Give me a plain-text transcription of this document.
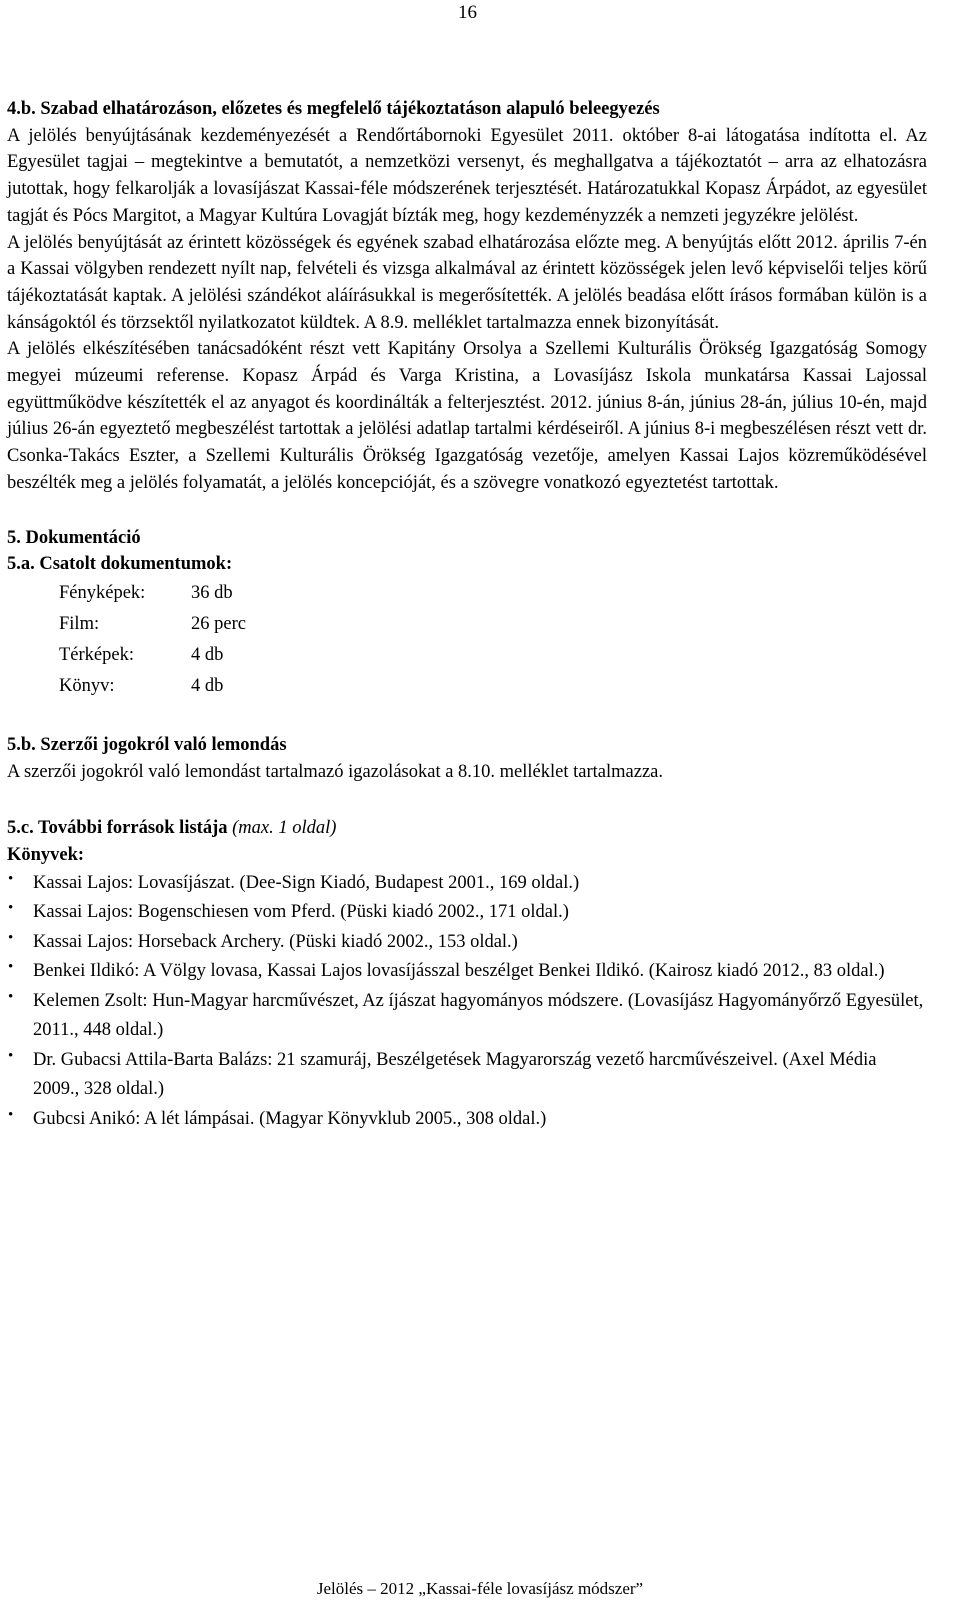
16
4.b. Szabad elhatározáson, előzetes és megfelelő tájékoztatáson alapuló beleegyezés

A jelölés benyújtásának kezdeményezését a Rendőrtábornoki Egyesület 2011. október 8-ai látogatása indította el. Az Egyesület tagjai – megtekintve a bemutatót, a nemzetközi versenyt, és meghallgatva a tájékoztatót – arra az elhatozásra jutottak, hogy felkarolják a lovasíjászat Kassai-féle módszerének terjesztését. Határozatukkal Kopasz Árpádot, az egyesület tagját és Pócs Margitot, a Magyar Kultúra Lovagját bízták meg, hogy kezdeményzzék a nemzeti jegyzékre jelölést.

A jelölés benyújtását az érintett közösségek és egyének szabad elhatározása előzte meg. A benyújtás előtt 2012. április 7-én a Kassai völgyben rendezett nyílt nap, felvételi és vizsga alkalmával az érintett közösségek jelen levő képviselői teljes körű tájékoztatását kaptak. A jelölési szándékot aláírásukkal is megerősítették. A jelölés beadása előtt írásos formában külön is a kánságoktól és törzsektől nyilatkozatot küldtek. A 8.9. melléklet tartalmazza ennek bizonyítását.

A jelölés elkészítésében tanácsadóként részt vett Kapitány Orsolya a Szellemi Kulturális Örökség Igazgatóság Somogy megyei múzeumi referense. Kopasz Árpád és Varga Kristina, a Lovasíjász Iskola munkatársa Kassai Lajossal együttműködve készítették el az anyagot és koordinálták a felterjesztést. 2012. június 8-án, június 28-án, július 10-én, majd július 26-án egyeztető megbeszélést tartottak a jelölési adatlap tartalmi kérdéseiről. A június 8-i megbeszélésen részt vett dr. Csonka-Takács Eszter, a Szellemi Kulturális Örökség Igazgatóság vezetője, amelyen Kassai Lajos közreműködésével beszélték meg a jelölés folyamatát, a jelölés koncepcióját, és a szövegre vonatkozó egyeztetést tartottak.

5. Dokumentáció
5.a. Csatolt dokumentumok:
Fényképek:	36 db
Film:	26 perc
Térképek:	4 db
Könyv:	4 db
5.b. Szerzői jogokról való lemondás
A szerzői jogokról való lemondást tartalmazó igazolásokat a 8.10. melléklet tartalmazza.
5.c. További források listája (max. 1 oldal)
Könyvek:
• Kassai Lajos: Lovasíjászat. (Dee-Sign Kiadó, Budapest 2001., 169 oldal.)
• Kassai Lajos: Bogenschiesen vom Pferd. (Püski kiadó 2002., 171 oldal.)
• Kassai Lajos: Horseback Archery. (Püski kiadó 2002., 153 oldal.)
• Benkei Ildikó: A Völgy lovasa, Kassai Lajos lovasíjásszal beszélget Benkei Ildikó. (Kairosz kiadó 2012., 83 oldal.)
• Kelemen Zsolt: Hun-Magyar harcművészet, Az íjászat hagyományos módszere. (Lovasíjász Hagyományőrző Egyesület, 2011., 448 oldal.)
• Dr. Gubacsi Attila-Barta Balázs: 21 szamuráj, Beszélgetések Magyarország vezető harcművészeivel. (Axel Média 2009., 328 oldal.)
• Gubcsi Anikó: A lét lámpásai. (Magyar Könyvklub 2005., 308 oldal.)
Jelölés – 2012 „Kassai-féle lovasíjász módszer”
